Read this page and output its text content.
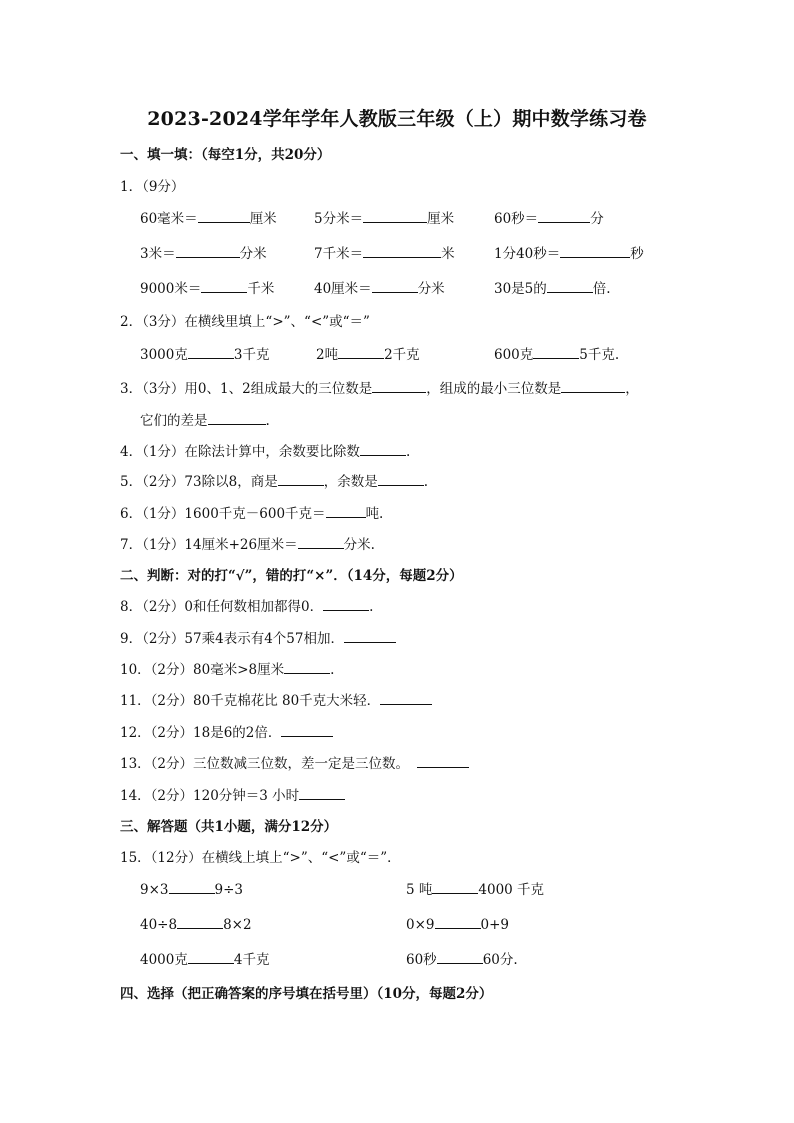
2023-2024学年学年人教版三年级（上）期中数学练习卷
一、填一填：（每空1分，共20分）
1．（9分）
60毫米＝	厘米	5分米＝	厘米	60秒＝	分
3米＝	分米	7千米＝	米	1分40秒＝	秒
9000米＝	千米	40厘米＝	分米	30是5的	倍.
2．（3分）在横线里填上“>”、“<”或“＝”
3000克	3千克	2吨	2千克	600克	5千克.
3．（3分）用0、1、2组成最大的三位数是	，组成的最小三位数是	，
它们的差是	.
4．（1分）在除法计算中，余数要比除数	.
5．（2分）73除以8，商是	，余数是	.
6．（1分）1600千克－600千克＝	吨.
7．（1分）14厘米+26厘米＝	分米.
二、判断：对的打“√”，错的打“×”．（14分，每题2分）
8．（2分）0和任何数相加都得0．	.
9．（2分）57乘4表示有4个57相加．
10．（2分）80毫米>8厘米	.
11．（2分）80千克棉花比 80千克大米轻．
12．（2分）18是6的2倍．
13．（2分）三位数减三位数，差一定是三位数。
14．（2分）120分钟＝3 小时
三、解答题（共1小题，满分12分）
15．（12分）在横线上填上“>”、“<”或“＝”．
9×3	9÷3	5 吨	4000 千克
40÷8	8×2	0×9	0+9
4000克	4千克	60秒	60分.
四、选择（把正确答案的序号填在括号里）（10分，每题2分）
